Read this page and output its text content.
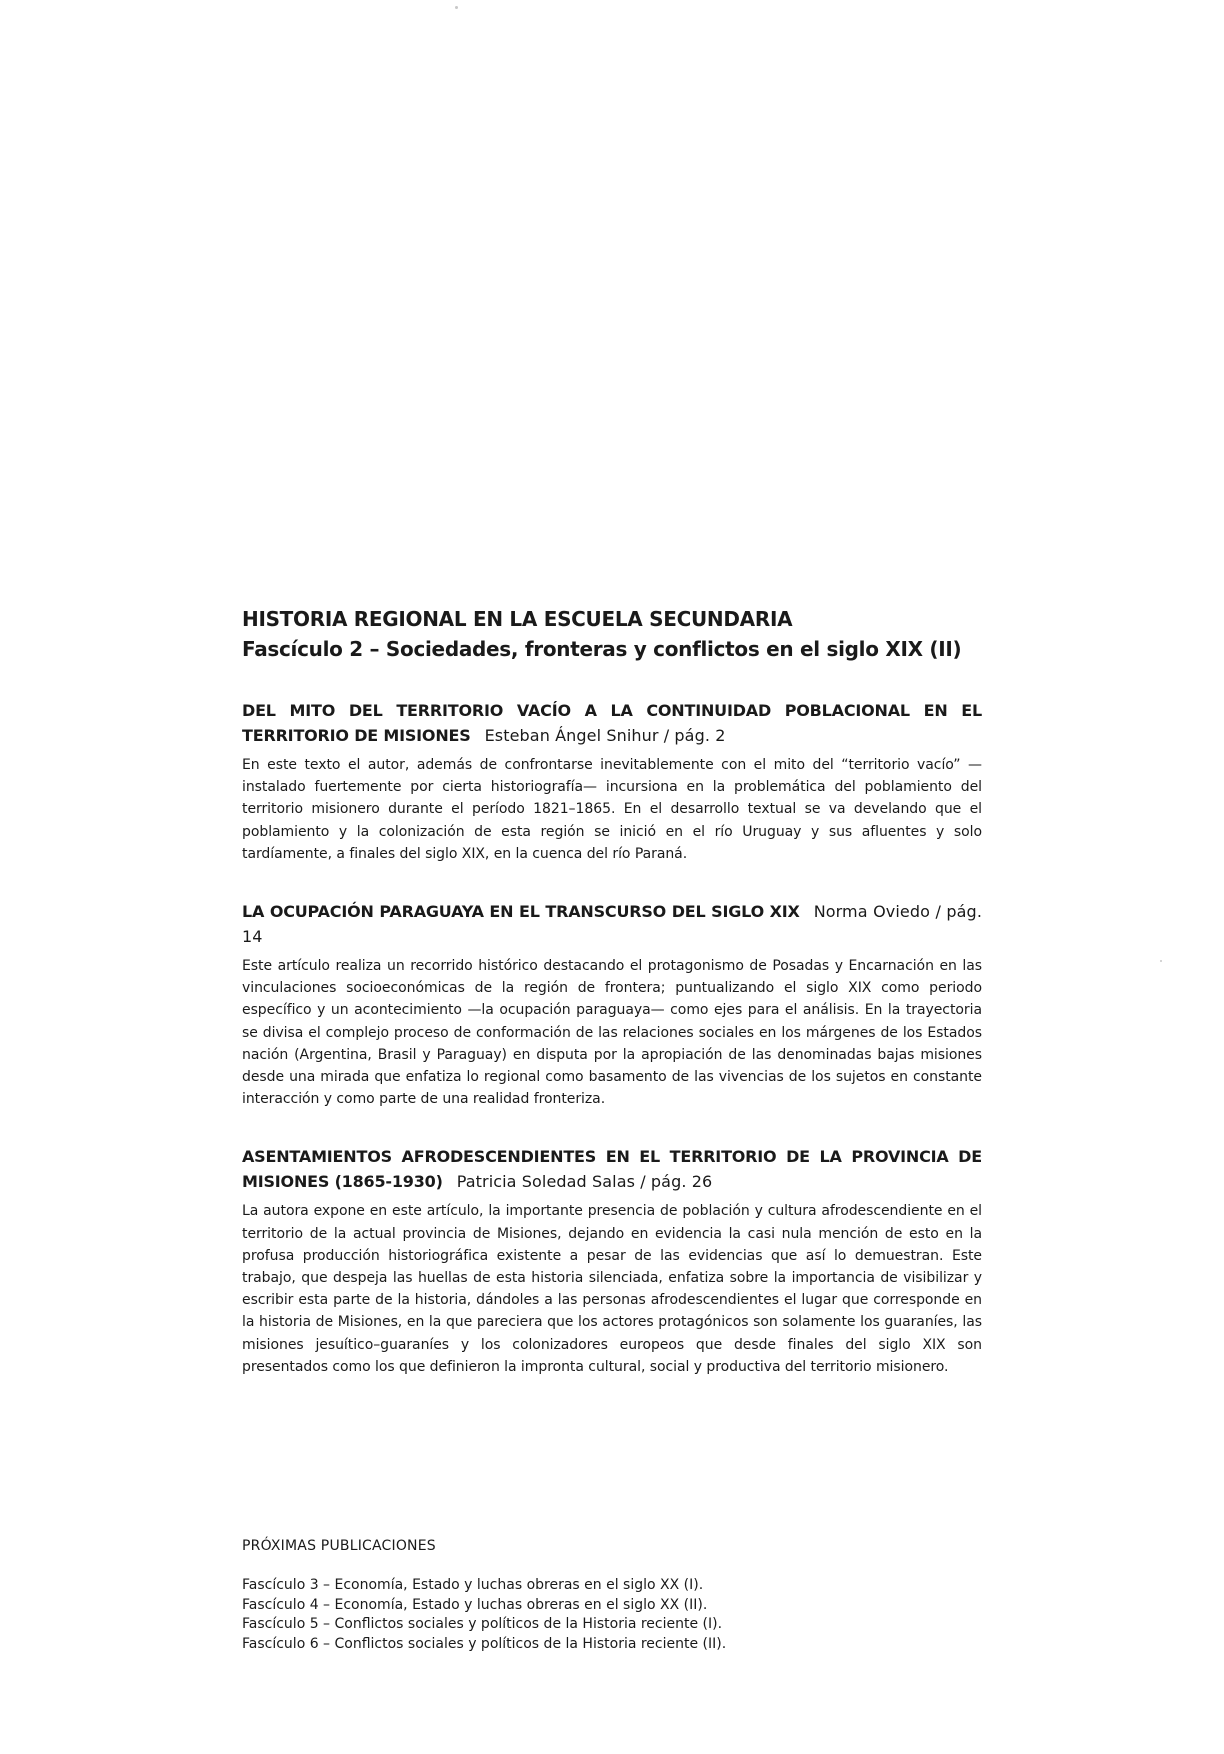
HISTORIA REGIONAL EN LA ESCUELA SECUNDARIA
Fascículo 2 – Sociedades, fronteras y conflictos en el siglo XIX (II)

DEL MITO DEL TERRITORIO VACÍO A LA CONTINUIDAD POBLACIONAL EN EL TERRITORIO DE MISIONES Esteban Ángel Snihur / pág. 2

En este texto el autor, además de confrontarse inevitablemente con el mito del “territorio vacío” —instalado fuertemente por cierta historiografía— incursiona en la problemática del poblamiento del territorio misionero durante el período 1821–1865. En el desarrollo textual se va develando que el poblamiento y la colonización de esta región se inició en el río Uruguay y sus afluentes y solo tardíamente, a finales del siglo XIX, en la cuenca del río Paraná.

LA OCUPACIÓN PARAGUAYA EN EL TRANSCURSO DEL SIGLO XIX Norma Oviedo / pág. 14

Este artículo realiza un recorrido histórico destacando el protagonismo de Posadas y Encarnación en las vinculaciones socioeconómicas de la región de frontera; puntualizando el siglo XIX como periodo específico y un acontecimiento —la ocupación paraguaya— como ejes para el análisis. En la trayectoria se divisa el complejo proceso de conformación de las relaciones sociales en los márgenes de los Estados nación (Argentina, Brasil y Paraguay) en disputa por la apropiación de las denominadas bajas misiones desde una mirada que enfatiza lo regional como basamento de las vivencias de los sujetos en constante interacción y como parte de una realidad fronteriza.

ASENTAMIENTOS AFRODESCENDIENTES EN EL TERRITORIO DE LA PROVINCIA DE MISIONES (1865-1930) Patricia Soledad Salas / pág. 26

La autora expone en este artículo, la importante presencia de población y cultura afrodescendiente en el territorio de la actual provincia de Misiones, dejando en evidencia la casi nula mención de esto en la profusa producción historiográfica existente a pesar de las evidencias que así lo demuestran. Este trabajo, que despeja las huellas de esta historia silenciada, enfatiza sobre la importancia de visibilizar y escribir esta parte de la historia, dándoles a las personas afrodescendientes el lugar que corresponde en la historia de Misiones, en la que pareciera que los actores protagónicos son solamente los guaraníes, las misiones jesuítico–guaraníes y los colonizadores europeos que desde finales del siglo XIX son presentados como los que definieron la impronta cultural, social y productiva del territorio misionero.

PRÓXIMAS PUBLICACIONES

Fascículo 3 – Economía, Estado y luchas obreras en el siglo XX (I).
Fascículo 4 – Economía, Estado y luchas obreras en el siglo XX (II).
Fascículo 5 – Conflictos sociales y políticos de la Historia reciente (I).
Fascículo 6 – Conflictos sociales y políticos de la Historia reciente (II).
